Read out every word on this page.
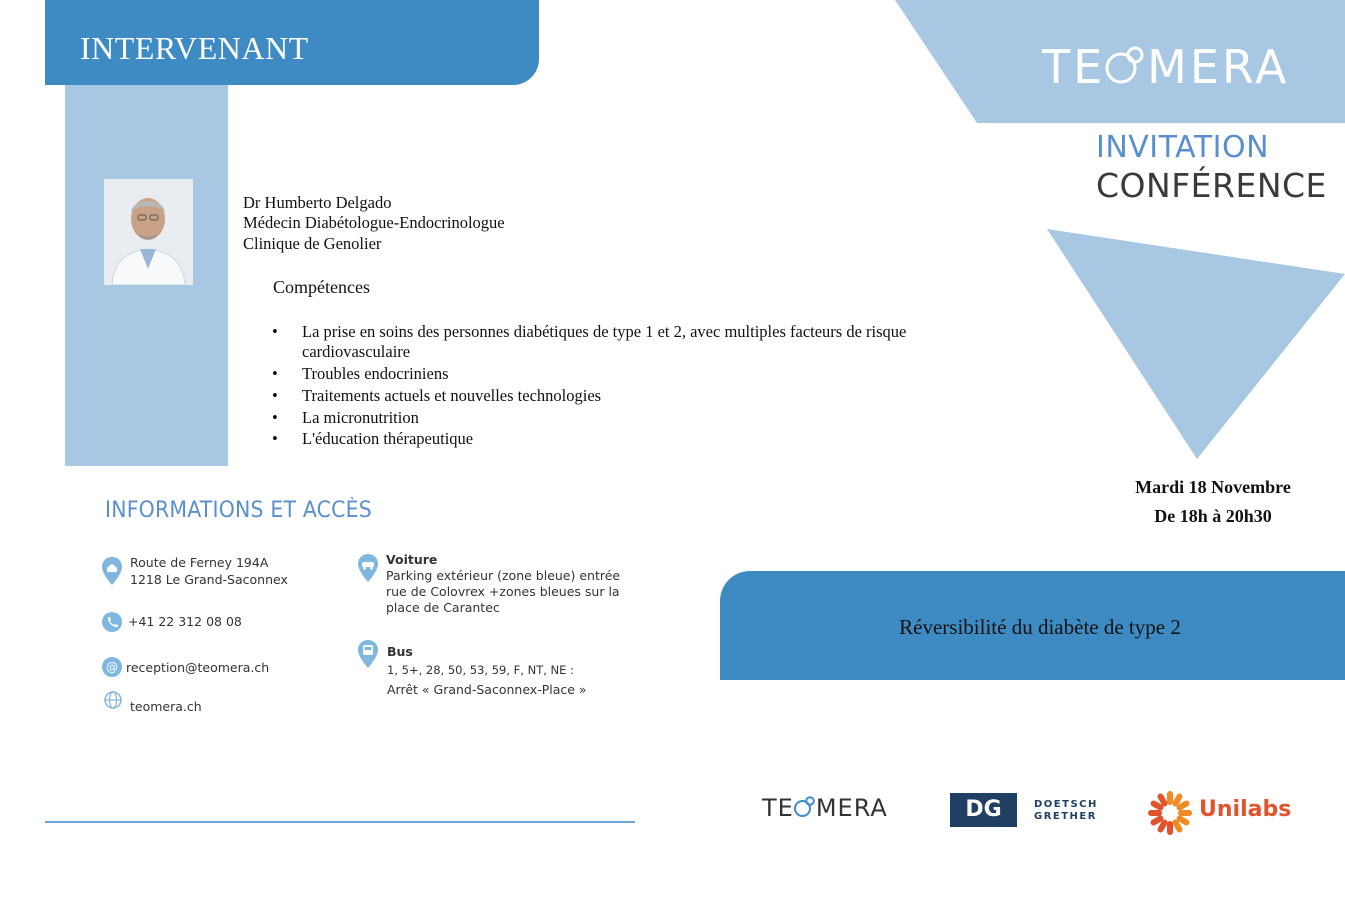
INTERVENANT	TE MERA
INVITATION
CONFÉRENCE
Mardi 18 Novembre
De 18h à 20h30
Réversibilité du diabète de type 2
Dr Humberto Delgado
Médecin Diabétologue-Endocrinologue
Clinique de Genolier
Compétences
• La prise en soins des personnes diabétiques de type 1 et 2, avec multiples facteurs de risque
cardiovasculaire
• Troubles endocriniens
• Traitements actuels et nouvelles technologies
• La micronutrition
• L'éducation thérapeutique
INFORMATIONS ET ACCÈS
Route de Ferney 194A
1218 Le Grand-Saconnex
+41 22 312 08 08
@ reception@teomera.ch
teomera.ch
Voiture
Parking extérieur (zone bleue) entrée
rue de Colovrex +zones bleues sur la
place de Carantec
Bus
1, 5+, 28, 50, 53, 59, F, NT, NE :
Arrêt « Grand-Saconnex-Place »
TE MERA	DG	DOETSCH
GRETHER	Unilabs
